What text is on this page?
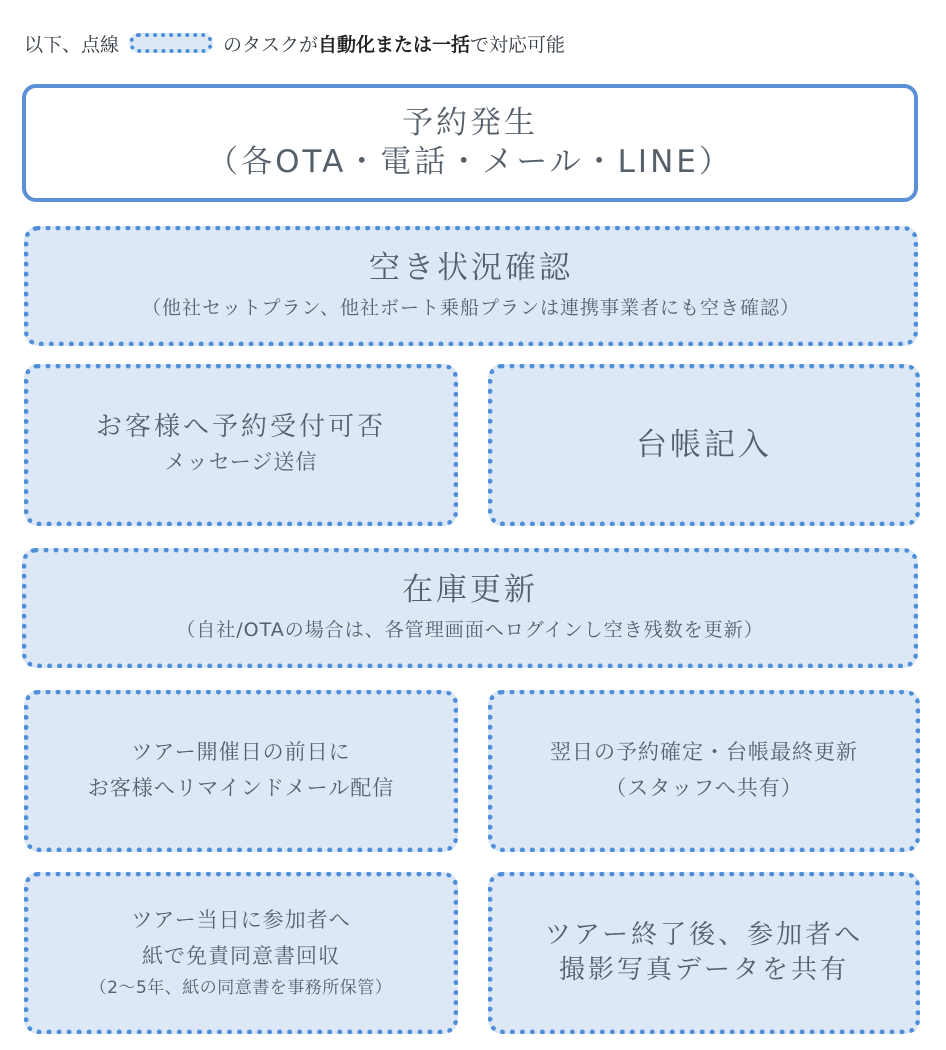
以下、点線	のタスクが 自動化または一括 で対応可能
予約発生
（各OTA・電話・メール・LINE）
空き状況確認
（他社セットプラン、他社ボート乗船プランは連携事業者にも空き確認）
お客様へ予約受付可否
メッセージ送信	台帳記入
在庫更新
（自社/OTAの場合は、各管理画面へログインし空き残数を更新）
ツアー開催日の前日に
お客様へリマインドメール配信
翌日の予約確定・台帳最終更新
（スタッフへ共有）
ツアー当日に参加者へ
紙で免責同意書回収
（2〜5年、紙の同意書を事務所保管）
ツアー終了後、参加者へ
撮影写真データを共有
